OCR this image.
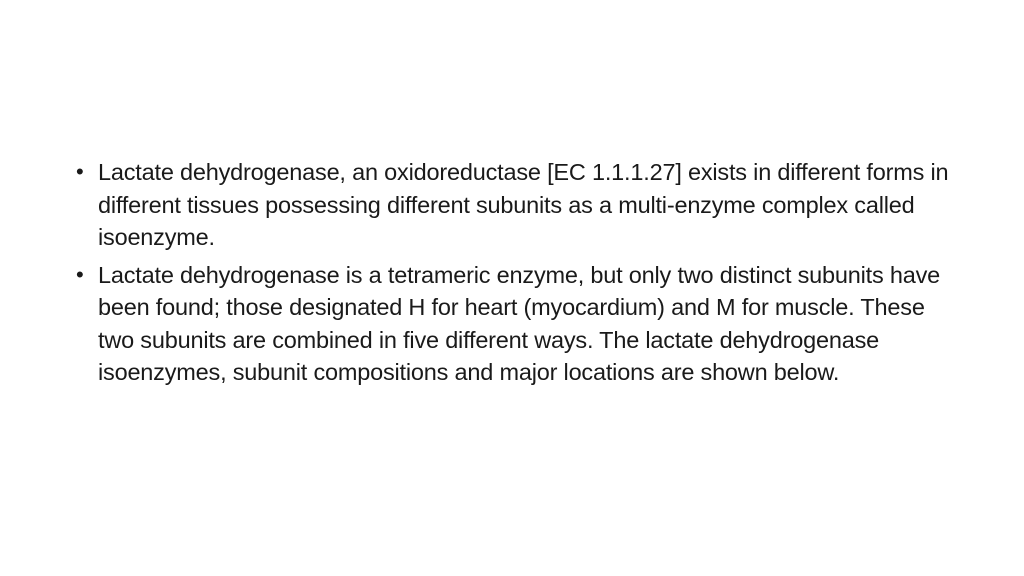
• Lactate dehydrogenase, an oxidoreductase [EC 1.1.1.27] exists in different forms in different tissues possessing different subunits as a multi-enzyme complex called isoenzyme.
• Lactate dehydrogenase is a tetrameric enzyme, but only two distinct subunits have been found; those designated H for heart (myocardium) and M for muscle. These two subunits are combined in five different ways. The lactate dehydrogenase isoenzymes, subunit compositions and major locations are shown below.
